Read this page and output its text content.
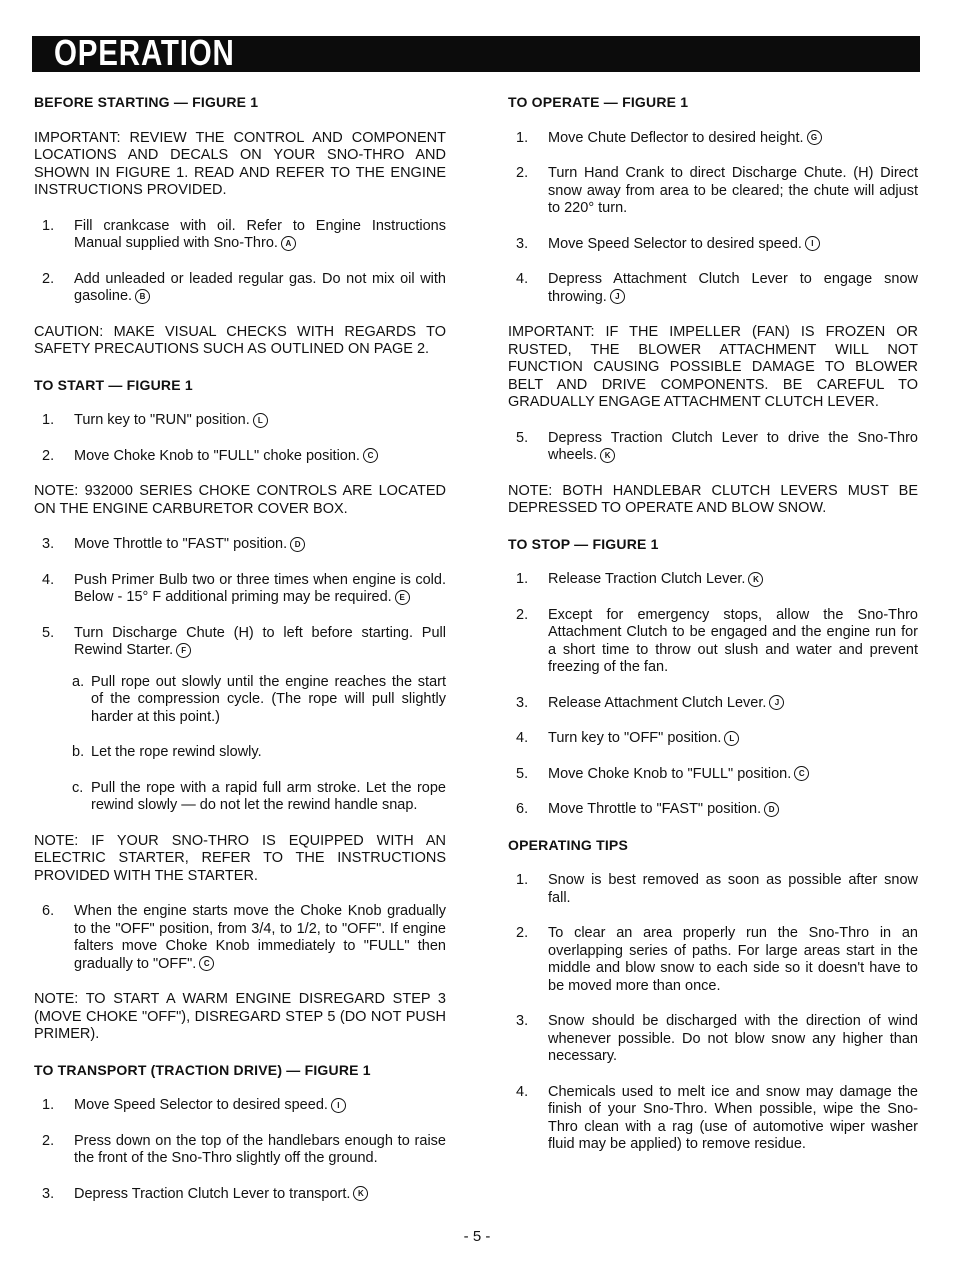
OPERATION
BEFORE STARTING — FIGURE 1

IMPORTANT: REVIEW THE CONTROL AND COMPONENT LOCATIONS AND DECALS ON YOUR SNO-THRO AND SHOWN IN FIGURE 1. READ AND REFER TO THE ENGINE INSTRUCTIONS PROVIDED.

1. Fill crankcase with oil. Refer to Engine Instructions Manual supplied with Sno-Thro. A

2. Add unleaded or leaded regular gas. Do not mix oil with gasoline. B

CAUTION: MAKE VISUAL CHECKS WITH REGARDS TO SAFETY PRECAUTIONS SUCH AS OUTLINED ON PAGE 2.

TO START — FIGURE 1

1. Turn key to "RUN" position. L

2. Move Choke Knob to "FULL" choke position. C

NOTE: 932000 SERIES CHOKE CONTROLS ARE LOCATED ON THE ENGINE CARBURETOR COVER BOX.

3. Move Throttle to "FAST" position. D

4. Push Primer Bulb two or three times when engine is cold. Below - 15° F additional priming may be required. E

5. Turn Discharge Chute (H) to left before starting. Pull Rewind Starter. F

a. Pull rope out slowly until the engine reaches the start of the compression cycle. (The rope will pull slightly harder at this point.)

b. Let the rope rewind slowly.

c. Pull the rope with a rapid full arm stroke. Let the rope rewind slowly — do not let the rewind handle snap.

NOTE: IF YOUR SNO-THRO IS EQUIPPED WITH AN ELECTRIC STARTER, REFER TO THE INSTRUCTIONS PROVIDED WITH THE STARTER.

6. When the engine starts move the Choke Knob gradually to the "OFF" position, from 3/4, to 1/2, to "OFF". If engine falters move Choke Knob immediately to "FULL" then gradually to "OFF". C

NOTE: TO START A WARM ENGINE DISREGARD STEP 3 (MOVE CHOKE "OFF"), DISREGARD STEP 5 (DO NOT PUSH PRIMER).

TO TRANSPORT (TRACTION DRIVE) — FIGURE 1

1. Move Speed Selector to desired speed. I

2. Press down on the top of the handlebars enough to raise the front of the Sno-Thro slightly off the ground.

3. Depress Traction Clutch Lever to transport. K

TO OPERATE — FIGURE 1

1. Move Chute Deflector to desired height. G

2. Turn Hand Crank to direct Discharge Chute. (H) Direct snow away from area to be cleared; the chute will adjust to 220° turn.

3. Move Speed Selector to desired speed. I

4. Depress Attachment Clutch Lever to engage snow throwing. J

IMPORTANT: IF THE IMPELLER (FAN) IS FROZEN OR RUSTED, THE BLOWER ATTACHMENT WILL NOT FUNCTION CAUSING POSSIBLE DAMAGE TO BLOWER BELT AND DRIVE COMPONENTS. BE CAREFUL TO GRADUALLY ENGAGE ATTACHMENT CLUTCH LEVER.

5. Depress Traction Clutch Lever to drive the Sno-Thro wheels. K

NOTE: BOTH HANDLEBAR CLUTCH LEVERS MUST BE DEPRESSED TO OPERATE AND BLOW SNOW.

TO STOP — FIGURE 1

1. Release Traction Clutch Lever. K

2. Except for emergency stops, allow the Sno-Thro Attachment Clutch to be engaged and the engine run for a short time to throw out slush and water and prevent freezing of the fan.

3. Release Attachment Clutch Lever. J

4. Turn key to "OFF" position. L

5. Move Choke Knob to "FULL" position. C

6. Move Throttle to "FAST" position. D

OPERATING TIPS

1. Snow is best removed as soon as possible after snow fall.

2. To clear an area properly run the Sno-Thro in an overlapping series of paths. For large areas start in the middle and blow snow to each side so it doesn't have to be moved more than once.

3. Snow should be discharged with the direction of wind whenever possible. Do not blow snow any higher than necessary.

4. Chemicals used to melt ice and snow may damage the finish of your Sno-Thro. When possible, wipe the Sno-Thro clean with a rag (use of automotive wiper washer fluid may be applied) to remove residue.

- 5 -
